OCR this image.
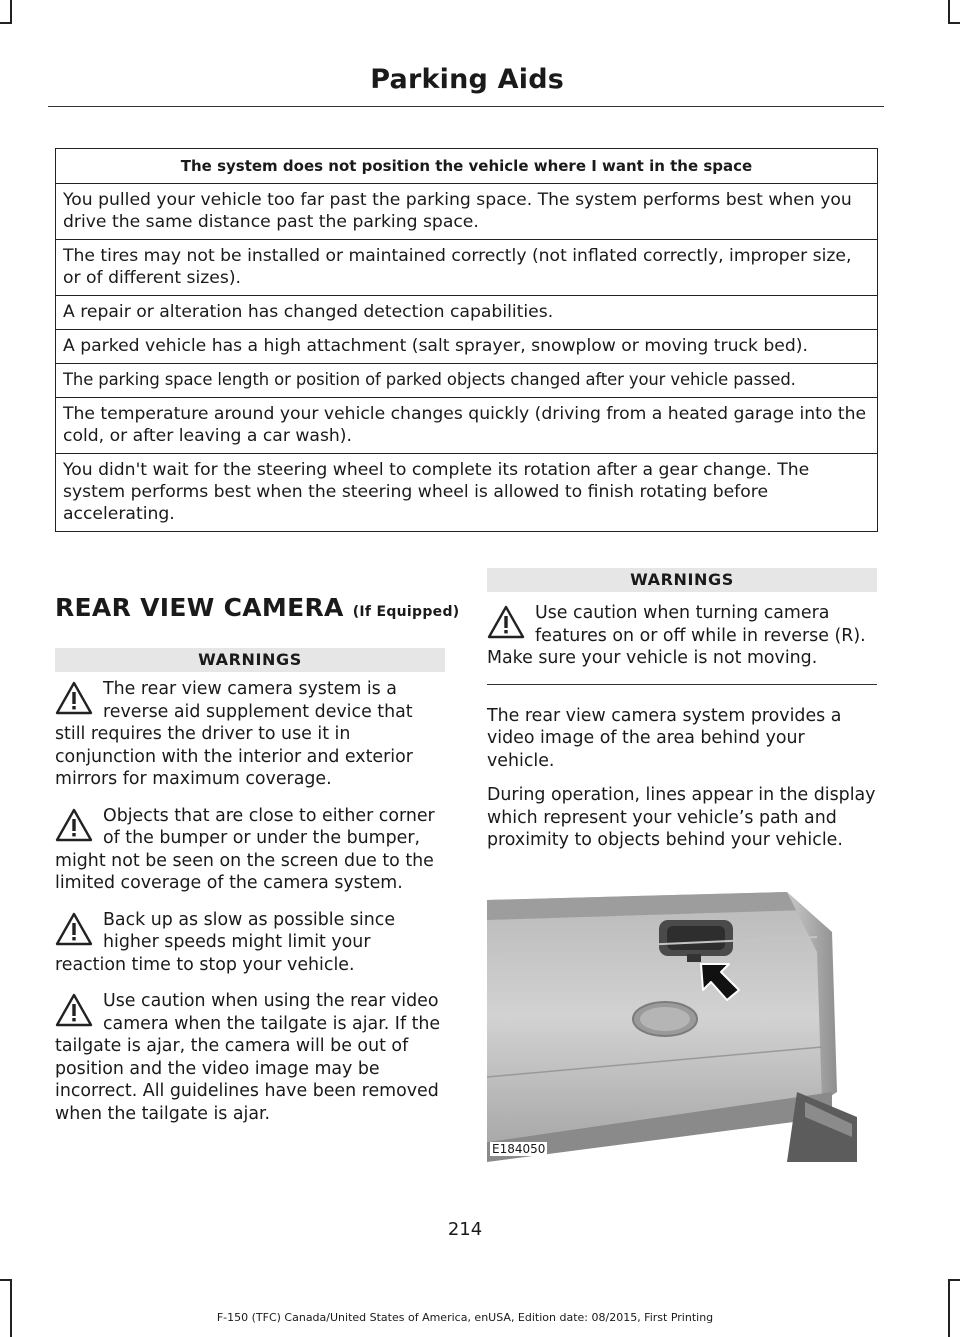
Parking Aids
The system does not position the vehicle where I want in the space
You pulled your vehicle too far past the parking space. The system performs best when you drive the same distance past the parking space.
The tires may not be installed or maintained correctly (not inflated correctly, improper size, or of different sizes).
A repair or alteration has changed detection capabilities.
A parked vehicle has a high attachment (salt sprayer, snowplow or moving truck bed).
The parking space length or position of parked objects changed after your vehicle passed.
The temperature around your vehicle changes quickly (driving from a heated garage into the cold, or after leaving a car wash).
You didn't wait for the steering wheel to complete its rotation after a gear change. The system performs best when the steering wheel is allowed to finish rotating before accelerating.
REAR VIEW CAMERA (If Equipped)
WARNINGS
The rear view camera system is a reverse aid supplement device that still requires the driver to use it in conjunction with the interior and exterior mirrors for maximum coverage.
Objects that are close to either corner of the bumper or under the bumper, might not be seen on the screen due to the limited coverage of the camera system.
Back up as slow as possible since higher speeds might limit your reaction time to stop your vehicle.
Use caution when using the rear video camera when the tailgate is ajar. If the tailgate is ajar, the camera will be out of position and the video image may be incorrect. All guidelines have been removed when the tailgate is ajar.
WARNINGS
Use caution when turning camera features on or off while in reverse (R). Make sure your vehicle is not moving.
The rear view camera system provides a video image of the area behind your vehicle.
During operation, lines appear in the display which represent your vehicle’s path and proximity to objects behind your vehicle.
E184050
214
F-150 (TFC) Canada/United States of America, enUSA, Edition date: 08/2015, First Printing
